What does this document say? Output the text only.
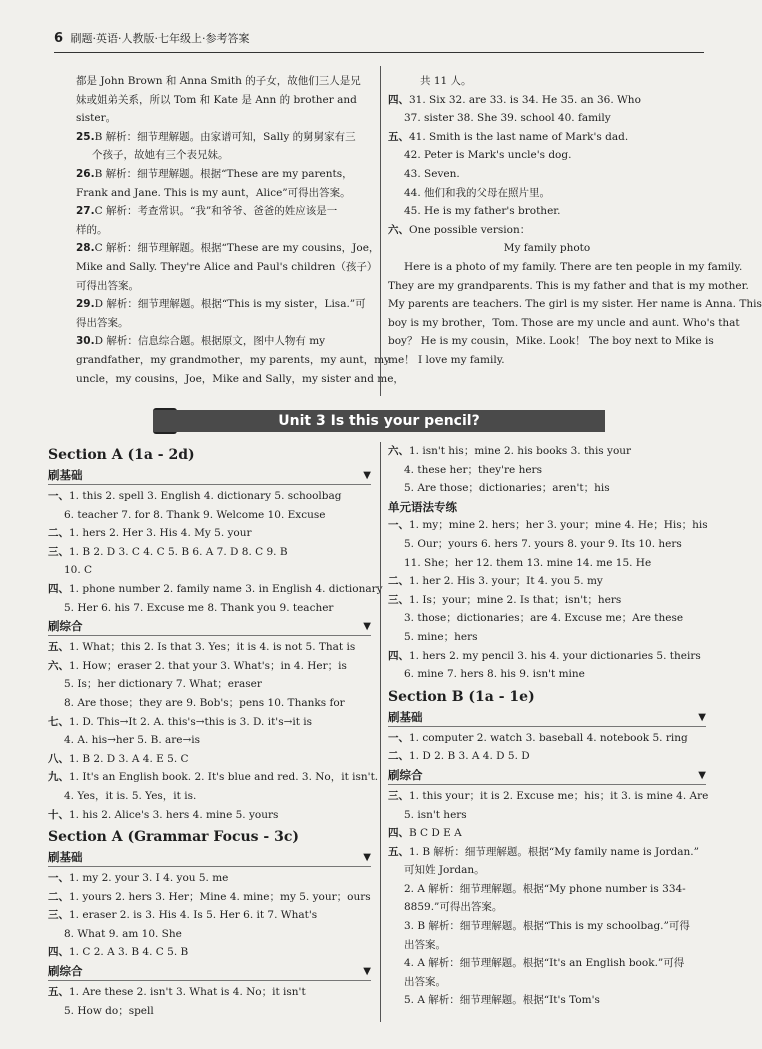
6 刷题·英语·人教版·七年级上·参考答案
都是 John Brown 和 Anna Smith 的子女，故他们三人是兄
妹或姐弟关系，所以 Tom 和 Kate 是 Ann 的 brother and
sister。
25.B 解析：细节理解题。由家谱可知，Sally 的舅舅家有三
个孩子，故她有三个表兄妹。
26.B 解析：细节理解题。根据“These are my parents，
Frank and Jane. This is my aunt，Alice”可得出答案。
27.C 解析：考查常识。“我”和爷爷、爸爸的姓应该是一
样的。
28.C 解析：细节理解题。根据“These are my cousins，Joe，
Mike and Sally. They're Alice and Paul's children（孩子）
可得出答案。
29.D 解析：细节理解题。根据“This is my sister，Lisa.”可
得出答案。
30.D 解析：信息综合题。根据原文，图中人物有 my
grandfather，my grandmother，my parents，my aunt，my
uncle，my cousins，Joe，Mike and Sally，my sister and me，
共 11 人。
四、31. Six 32. are 33. is 34. He 35. an 36. Who
37. sister 38. She 39. school 40. family
五、41. Smith is the last name of Mark's dad.
42. Peter is Mark's uncle's dog.
43. Seven.
44. 他们和我的父母在照片里。
45. He is my father's brother.
六、One possible version：
My family photo
Here is a photo of my family. There are ten people in my family.
They are my grandparents. This is my father and that is my mother.
My parents are teachers. The girl is my sister. Her name is Anna. This
boy is my brother，Tom. Those are my uncle and aunt. Who's that
boy？ He is my cousin，Mike. Look！ The boy next to Mike is
me！ I love my family.
Unit 3 Is this your pencil?
Section A (1a - 2d)
刷基础	▼
一、1. this 2. spell 3. English 4. dictionary 5. schoolbag
6. teacher 7. for 8. Thank 9. Welcome 10. Excuse
二、1. hers 2. Her 3. His 4. My 5. your
三、1. B 2. D 3. C 4. C 5. B 6. A 7. D 8. C 9. B
10. C
四、1. phone number 2. family name 3. in English 4. dictionary
5. Her 6. his 7. Excuse me 8. Thank you 9. teacher
刷综合	▼
五、1. What；this 2. Is that 3. Yes；it is 4. is not 5. That is
六、1. How；eraser 2. that your 3. What's；in 4. Her；is
5. Is；her dictionary 7. What；eraser
8. Are those；they are 9. Bob's；pens 10. Thanks for
七、1. D. This→It 2. A. this's→this is 3. D. it's→it is
4. A. his→her 5. B. are→is
八、1. B 2. D 3. A 4. E 5. C
九、1. It's an English book. 2. It's blue and red. 3. No，it isn't.
4. Yes，it is. 5. Yes，it is.
十、1. his 2. Alice's 3. hers 4. mine 5. yours
Section A (Grammar Focus - 3c)
刷基础	▼
一、1. my 2. your 3. I 4. you 5. me
二、1. yours 2. hers 3. Her；Mine 4. mine；my 5. your；ours
三、1. eraser 2. is 3. His 4. Is 5. Her 6. it 7. What's
8. What 9. am 10. She
四、1. C 2. A 3. B 4. C 5. B
刷综合	▼
五、1. Are these 2. isn't 3. What is 4. No；it isn't
5. How do；spell
六、1. isn't his；mine 2. his books 3. this your
4. these her；they're hers
5. Are those；dictionaries；aren't；his
单元语法专练
一、1. my；mine 2. hers；her 3. your；mine 4. He；His；his
5. Our；yours 6. hers 7. yours 8. your 9. Its 10. hers
11. She；her 12. them 13. mine 14. me 15. He
二、1. her 2. His 3. your；It 4. you 5. my
三、1. Is；your；mine 2. Is that；isn't；hers
3. those；dictionaries；are 4. Excuse me；Are these
5. mine；hers
四、1. hers 2. my pencil 3. his 4. your dictionaries 5. theirs
6. mine 7. hers 8. his 9. isn't mine
Section B (1a - 1e)
刷基础	▼
一、1. computer 2. watch 3. baseball 4. notebook 5. ring
二、1. D 2. B 3. A 4. D 5. D
刷综合	▼
三、1. this your；it is 2. Excuse me；his；it 3. is mine 4. Are
5. isn't hers
四、B C D E A
五、1. B 解析：细节理解题。根据“My family name is Jordan.”
可知姓 Jordan。
2. A 解析：细节理解题。根据“My phone number is 334-
8859.”可得出答案。
3. B 解析：细节理解题。根据“This is my schoolbag.”可得
出答案。
4. A 解析：细节理解题。根据“It's an English book.”可得
出答案。
5. A 解析：细节理解题。根据“It's Tom's
